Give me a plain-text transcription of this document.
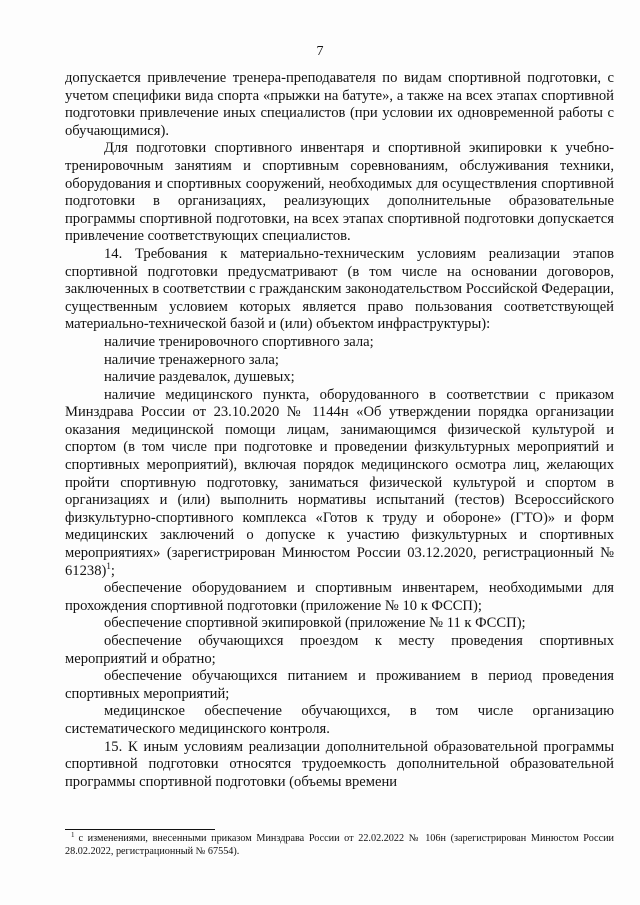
7

допускается привлечение тренера-преподавателя по видам спортивной подготовки, с учетом специфики вида спорта «прыжки на батуте», а также на всех этапах спортивной подготовки привлечение иных специалистов (при условии их одновременной работы с обучающимися).

Для подготовки спортивного инвентаря и спортивной экипировки к учебно-тренировочным занятиям и спортивным соревнованиям, обслуживания техники, оборудования и спортивных сооружений, необходимых для осуществления спортивной подготовки в организациях, реализующих дополнительные образовательные программы спортивной подготовки, на всех этапах спортивной подготовки допускается привлечение соответствующих специалистов.

14. Требования к материально-техническим условиям реализации этапов спортивной подготовки предусматривают (в том числе на основании договоров, заключенных в соответствии с гражданским законодательством Российской Федерации, существенным условием которых является право пользования соответствующей материально-технической базой и (или) объектом инфраструктуры):

наличие тренировочного спортивного зала;

наличие тренажерного зала;

наличие раздевалок, душевых;

наличие медицинского пункта, оборудованного в соответствии с приказом Минздрава России от 23.10.2020 № 1144н «Об утверждении порядка организации оказания медицинской помощи лицам, занимающимся физической культурой и спортом (в том числе при подготовке и проведении физкультурных мероприятий и спортивных мероприятий), включая порядок медицинского осмотра лиц, желающих пройти спортивную подготовку, заниматься физической культурой и спортом в организациях и (или) выполнить нормативы испытаний (тестов) Всероссийского физкультурно-спортивного комплекса «Готов к труду и обороне» (ГТО)» и форм медицинских заключений о допуске к участию физкультурных и спортивных мероприятиях» (зарегистрирован Минюстом России 03.12.2020, регистрационный № 61238)$^1$;

обеспечение оборудованием и спортивным инвентарем, необходимыми для прохождения спортивной подготовки (приложение № 10 к ФССП);

обеспечение спортивной экипировкой (приложение № 11 к ФССП);

обеспечение обучающихся проездом к месту проведения спортивных мероприятий и обратно;

обеспечение обучающихся питанием и проживанием в период проведения спортивных мероприятий;

медицинское обеспечение обучающихся, в том числе организацию систематического медицинского контроля.

15. К иным условиям реализации дополнительной образовательной программы спортивной подготовки относятся трудоемкость дополнительной образовательной программы спортивной подготовки (объемы времени

$^1$ с изменениями, внесенными приказом Минздрава России от 22.02.2022 № 106н (зарегистрирован Минюстом России 28.02.2022, регистрационный № 67554).
